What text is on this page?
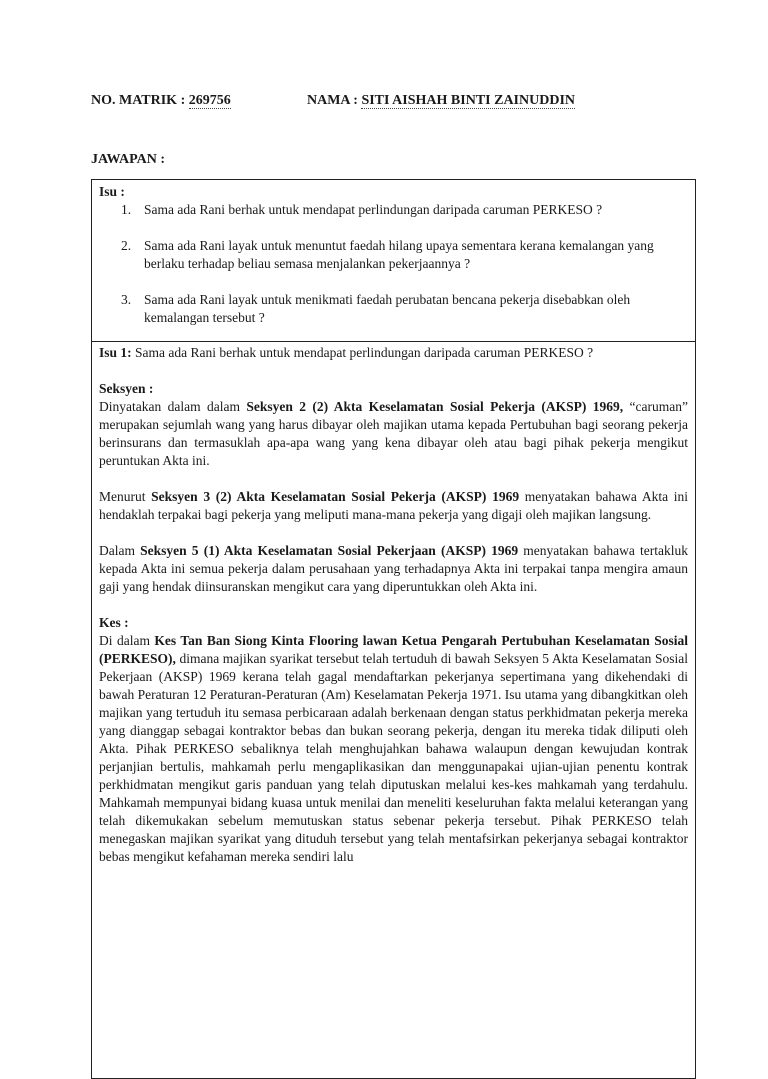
NO. MATRIK : 269756	NAMA : SITI AISHAH BINTI ZAINUDDIN
JAWAPAN :
Isu :
1. Sama ada Rani berhak untuk mendapat perlindungan daripada caruman PERKESO ?
2. Sama ada Rani layak untuk menuntut faedah hilang upaya sementara kerana kemalangan yang berlaku terhadap beliau semasa menjalankan pekerjaannya ?
3. Sama ada Rani layak untuk menikmati faedah perubatan bencana pekerja disebabkan oleh kemalangan tersebut ?

Isu 1: Sama ada Rani berhak untuk mendapat perlindungan daripada caruman PERKESO ?

Seksyen :

Dinyatakan dalam dalam Seksyen 2 (2) Akta Keselamatan Sosial Pekerja (AKSP) 1969, “caruman” merupakan sejumlah wang yang harus dibayar oleh majikan utama kepada Pertubuhan bagi seorang pekerja berinsurans dan termasuklah apa-apa wang yang kena dibayar oleh atau bagi pihak pekerja mengikut peruntukan Akta ini.

Menurut Seksyen 3 (2) Akta Keselamatan Sosial Pekerja (AKSP) 1969 menyatakan bahawa Akta ini hendaklah terpakai bagi pekerja yang meliputi mana-mana pekerja yang digaji oleh majikan langsung.

Dalam Seksyen 5 (1) Akta Keselamatan Sosial Pekerjaan (AKSP) 1969 menyatakan bahawa tertakluk kepada Akta ini semua pekerja dalam perusahaan yang terhadapnya Akta ini terpakai tanpa mengira amaun gaji yang hendak diinsuranskan mengikut cara yang diperuntukkan oleh Akta ini.

Kes :

Di dalam Kes Tan Ban Siong Kinta Flooring lawan Ketua Pengarah Pertubuhan Keselamatan Sosial (PERKESO), dimana majikan syarikat tersebut telah tertuduh di bawah Seksyen 5 Akta Keselamatan Sosial Pekerjaan (AKSP) 1969 kerana telah gagal mendaftarkan pekerjanya sepertimana yang dikehendaki di bawah Peraturan 12 Peraturan-Peraturan (Am) Keselamatan Pekerja 1971. Isu utama yang dibangkitkan oleh majikan yang tertuduh itu semasa perbicaraan adalah berkenaan dengan status perkhidmatan pekerja mereka yang dianggap sebagai kontraktor bebas dan bukan seorang pekerja, dengan itu mereka tidak diliputi oleh Akta. Pihak PERKESO sebaliknya telah menghujahkan bahawa walaupun dengan kewujudan kontrak perjanjian bertulis, mahkamah perlu mengaplikasikan dan menggunapakai ujian-ujian penentu kontrak perkhidmatan mengikut garis panduan yang telah diputuskan melalui kes-kes mahkamah yang terdahulu. Mahkamah mempunyai bidang kuasa untuk menilai dan meneliti keseluruhan fakta melalui keterangan yang telah dikemukakan sebelum memutuskan status sebenar pekerja tersebut. Pihak PERKESO telah menegaskan majikan syarikat yang dituduh tersebut yang telah mentafsirkan pekerjanya sebagai kontraktor bebas mengikut kefahaman mereka sendiri lalu
